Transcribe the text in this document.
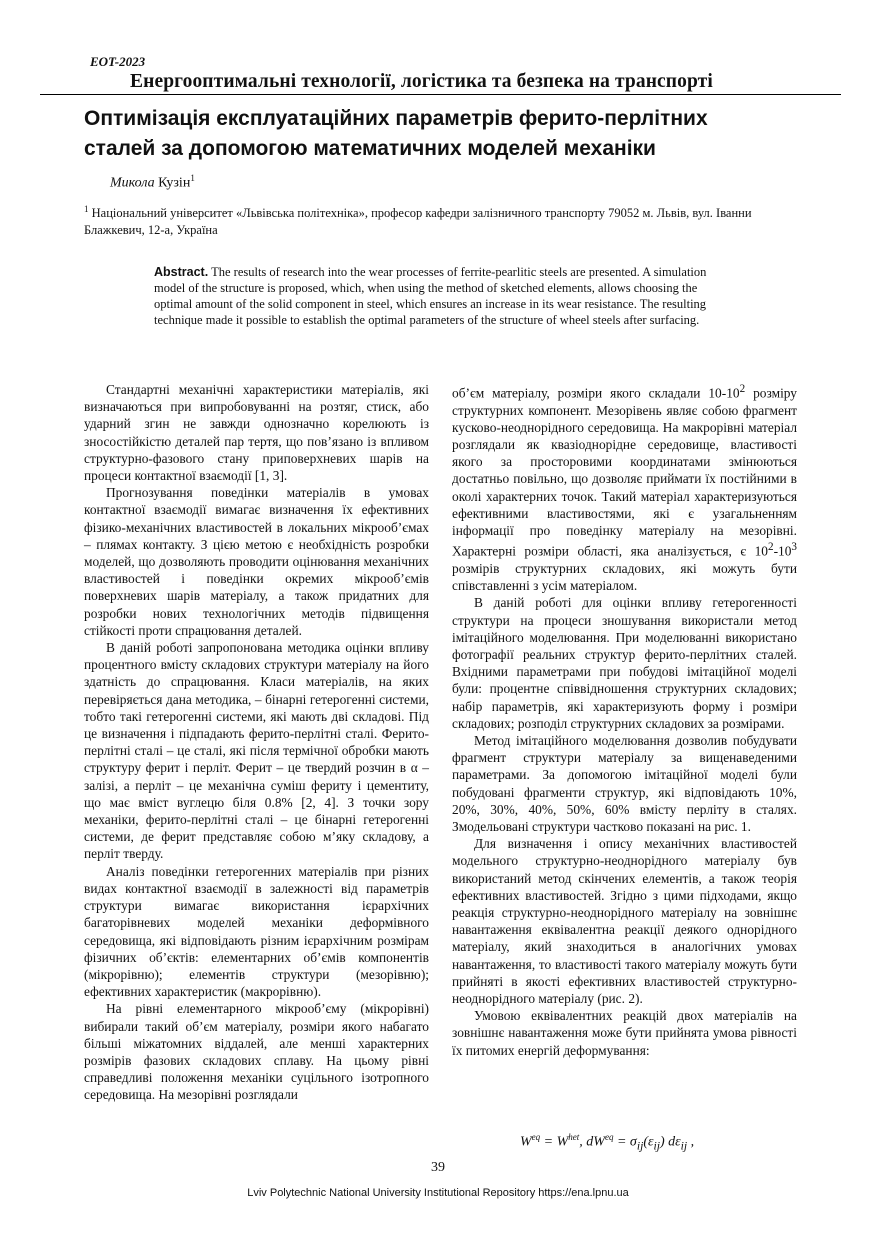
EOT-2023
Енергооптимальні технології, логістика та безпека на транспорті
Оптимізація експлуатаційних параметрів ферито-перлітних
сталей за допомогою математичних моделей механіки
Микола Кузін$^1$
$^1$ Національний університет «Львівська політехніка», професор кафедри залізничного транспорту 79052 м. Львів, вул. Іванни Блажкевич, 12-а, Україна
Abstract. The results of research into the wear processes of ferrite-pearlitic steels are presented. A simulation model of the structure is proposed, which, when using the method of sketched elements, allows choosing the optimal amount of the solid component in steel, which ensures an increase in its wear resistance. The resulting technique made it possible to establish the optimal parameters of the structure of wheel steels after surfacing.

Стандартні механічні характеристики матеріалів, які визначаються при випробовуванні на розтяг, стиск, або ударний згин не завжди однозначно корелюють із зносостійкістю деталей пар тертя, що пов’язано із впливом структурно-фазового стану приповерхневих шарів на процеси контактної взаємодії [1, 3].

Прогнозування поведінки матеріалів в умовах контактної взаємодії вимагає визначення їх ефективних фізико-механічних властивостей в локальних мікрооб’ємах – плямах контакту. З цією метою є необхідність розробки моделей, що дозволяють проводити оцінювання механічних властивостей і поведінки окремих мікрооб’ємів поверхневих шарів матеріалу, а також придатних для розробки нових технологічних методів підвищення стійкості проти спрацювання деталей.

В даній роботі запропонована методика оцінки впливу процентного вмісту складових структури матеріалу на його здатність до спрацювання. Класи матеріалів, на яких перевіряється дана методика, – бінарні гетерогенні системи, тобто такі гетерогенні системи, які мають дві складові. Під це визначення і підпадають ферито-перлітні сталі. Ферито-перлітні сталі – це сталі, які після термічної обробки мають структуру ферит і перліт. Ферит – це твердий розчин в α – залізі, а перліт – це механічна суміш фериту і цементиту, що має вміст вуглецю біля 0.8% [2, 4]. З точки зору механіки, ферито-перлітні сталі – це бінарні гетерогенні системи, де ферит представляє собою м’яку складову, а перліт тверду.

Аналіз поведінки гетерогенних матеріалів при різних видах контактної взаємодії в залежності від параметрів структури вимагає використання ієрархічних багаторівневих моделей механіки деформівного середовища, які відповідають різним ієрархічним розмірам фізичних об’єктів: елементарних об’ємів компонентів (мікрорівню); елементів структури (мезорівню); ефективних характеристик (макрорівню).

На рівні елементарного мікрооб’єму (мікрорівні) вибирали такий об’єм матеріалу, розміри якого набагато більші міжатомних віддалей, але менші характерних розмірів фазових складових сплаву. На цьому рівні справедливі положення механіки суцільного ізотропного середовища. На мезорівні розглядали

об’єм матеріалу, розміри якого складали $10-10^2$ розміру структурних компонент. Мезорівень являє собою фрагмент кусково-неоднорідного середовища. На макрорівні матеріал розглядали як квазіоднорідне середовище, властивості якого за просторовими координатами змінюються достатньо повільно, що дозволяє приймати їх постійними в околі характерних точок. Такий матеріал характеризуються ефективними властивостями, які є узагальненням інформації про поведінку матеріалу на мезорівні. Характерні розміри області, яка аналізується, є $10^2-10^3$ розмірів структурних складових, які можуть бути співставленні з усім матеріалом.

В даній роботі для оцінки впливу гетерогенності структури на процеси зношування використали метод імітаційного моделювання. При моделюванні використано фотографії реальних структур ферито-перлітних сталей. Вхідними параметрами при побудові імітаційної моделі були: процентне співвідношення структурних складових; набір параметрів, які характеризують форму і розміри складових; розподіл структурних складових за розмірами.

Метод імітаційного моделювання дозволив побудувати фрагмент структури матеріалу за вищенаведеними параметрами. За допомогою імітаційної моделі були побудовані фрагменти структур, які відповідають 10%, 20%, 30%, 40%, 50%, 60% вмісту перліту в сталях. Змодельовані структури частково показані на рис. 1.

Для визначення і опису механічних властивостей модельного структурно-неоднорідного матеріалу був використаний метод скінчених елементів, а також теорія ефективних властивостей. Згідно з цими підходами, якщо реакція структурно-неоднорідного матеріалу на зовнішнє навантаження еквівалентна реакції деякого однорідного матеріалу, який знаходиться в аналогічних умовах навантаження, то властивості такого матеріалу можуть бути прийняті в якості ефективних властивостей структурно-неоднорідного матеріалу (рис. 2).

Умовою еквівалентних реакцій двох матеріалів на зовнішнє навантаження може бути прийнята умова рівності їх питомих енергій деформування:

$W^{eq} = W^{het}$, $dW^{eq} = \sigma_{ij}(\varepsilon_{ij})$ $d\varepsilon_{ij}$ ,
39
Lviv Polytechnic National University Institutional Repository https://ena.lpnu.ua
